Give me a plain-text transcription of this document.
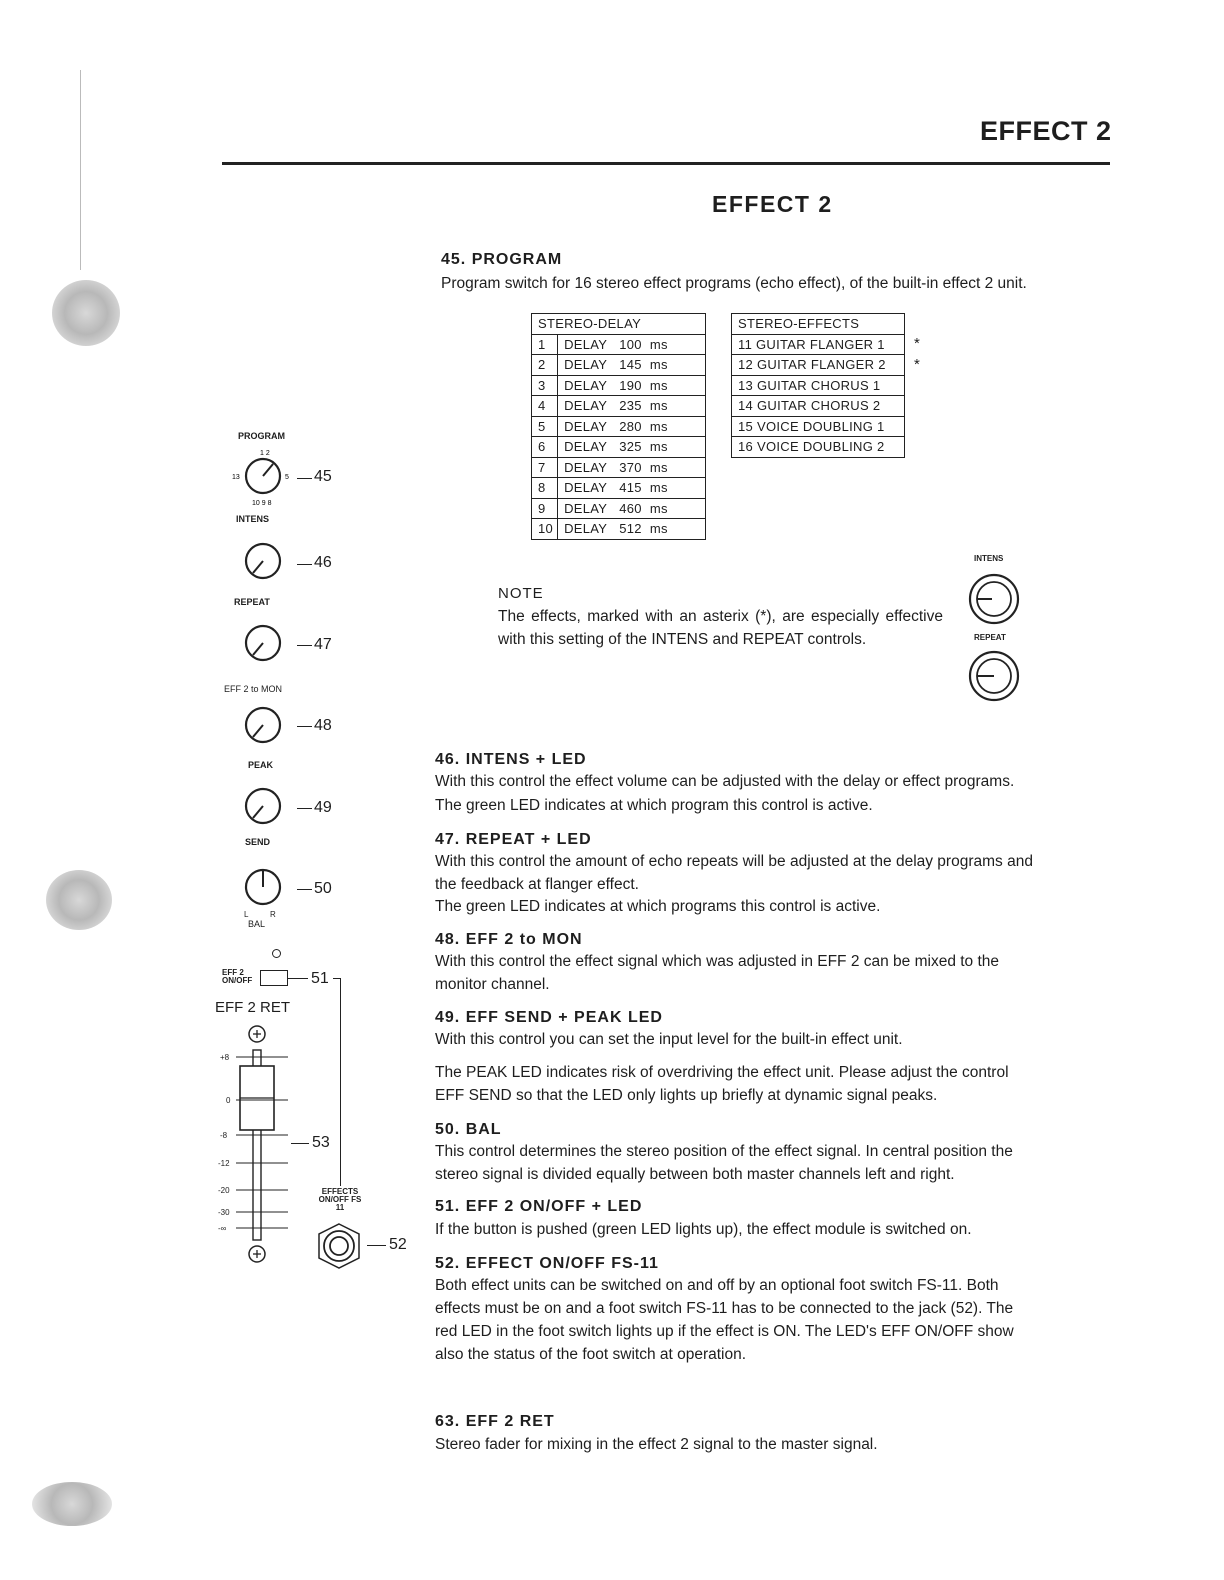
EFFECT 2
EFFECT 2
45. PROGRAM
Program switch for 16 stereo effect programs (echo effect), of the built-in effect 2 unit.
STEREO-DELAY	
1	DELAY 100 ms
2	DELAY 145 ms
3	DELAY 190 ms
4	DELAY 235 ms
5	DELAY 280 ms
6	DELAY 325 ms
7	DELAY 370 ms
8	DELAY 415 ms
9	DELAY 460 ms
10	DELAY 512 ms
STEREO-EFFECTS
11 GUITAR FLANGER 1
12 GUITAR FLANGER 2
13 GUITAR CHORUS 1
14 GUITAR CHORUS 2
15 VOICE DOUBLING 1
16 VOICE DOUBLING 2
*
*
NOTE
The effects, marked with an asterix (*), are especially effective with this setting of the INTENS and REPEAT controls.
INTENS
REPEAT
46. INTENS + LED
With this control the effect volume can be adjusted with the delay or effect programs.
The green LED indicates at which program this control is active.
47. REPEAT + LED
With this control the amount of echo repeats will be adjusted at the delay programs and
the feedback at flanger effect.
The green LED indicates at which programs this control is active.
48. EFF 2 to MON
With this control the effect signal which was adjusted in EFF 2 can be mixed to the
monitor channel.
49. EFF SEND + PEAK LED
With this control you can set the input level for the built-in effect unit.
The PEAK LED indicates risk of overdriving the effect unit. Please adjust the control
EFF SEND so that the LED only lights up briefly at dynamic signal peaks.
50. BAL
This control determines the stereo position of the effect signal. In central position the
stereo signal is divided equally between both master channels left and right.
51. EFF 2 ON/OFF + LED
If the button is pushed (green LED lights up), the effect module is switched on.
52. EFFECT ON/OFF FS-11
Both effect units can be switched on and off by an optional foot switch FS-11. Both
effects must be on and a foot switch FS-11 has to be connected to the jack (52). The
red LED in the foot switch lights up if the effect is ON. The LED's EFF ON/OFF show
also the status of the foot switch at operation.
63. EFF 2 RET
Stereo fader for mixing in the effect 2 signal to the master signal.
PROGRAM
1 2
13	5
10 9 8
45
INTENS
46
REPEAT
47
EFF 2 to MON
48
PEAK
49
SEND
50
L	R
BAL
EFF 2 ON/OFF	51
EFF 2 RET
+8
0
-8
-12
-20
-30
-∞
53
EFFECTS ON/OFF FS 11
52
